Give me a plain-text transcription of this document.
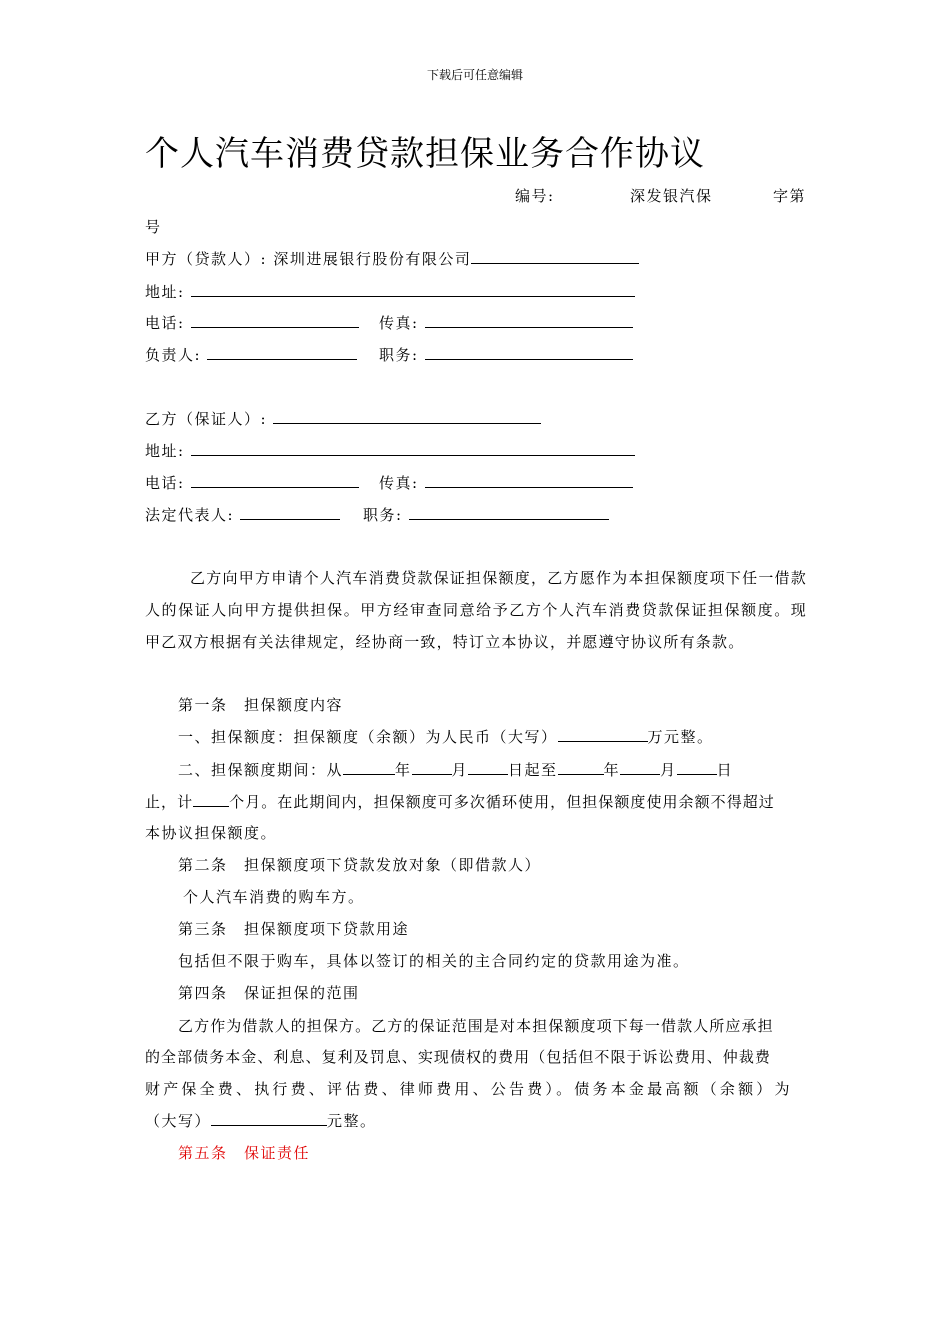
下载后可任意编辑
个人汽车消费贷款担保业务合作协议
编号:	深发银汽保	字第
号
甲方（贷款人）: 深圳进展银行股份有限公司
地址:
电话:	传真:
负责人:	职务:
乙方（保证人）:
地址:
电话:	传真:
法定代表人:	职务:
乙方向甲方申请个人汽车消费贷款保证担保额度，乙方愿作为本担保额度项下任一借款人的保证人向甲方提供担保。甲方经审查同意给予乙方个人汽车消费贷款保证担保额度。现甲乙双方根据有关法律规定，经协商一致，特订立本协议，并愿遵守协议所有条款。
第一条　担保额度内容
一、担保额度：担保额度（余额）为人民币（大写）	万元整。
二、担保额度期间：从	年	月	日起至	年	月	日
止，计 个月。在此期间内，担保额度可多次循环使用，但担保额度使用余额不得超过
本协议担保额度。
第二条　担保额度项下贷款发放对象（即借款人）
个人汽车消费的购车方。
第三条　担保额度项下贷款用途
包括但不限于购车，具体以签订的相关的主合同约定的贷款用途为准。
第四条　保证担保的范围
乙方作为借款人的担保方。乙方的保证范围是对本担保额度项下每一借款人所应承担
的全部债务本金、利息、复利及罚息、实现债权的费用（包括但不限于诉讼费用、仲裁费
财产保全费、执行费、评估费、律师费用、公告费）。债务本金最高额（余额）为
（大写）	元整。
第五条　保证责任
